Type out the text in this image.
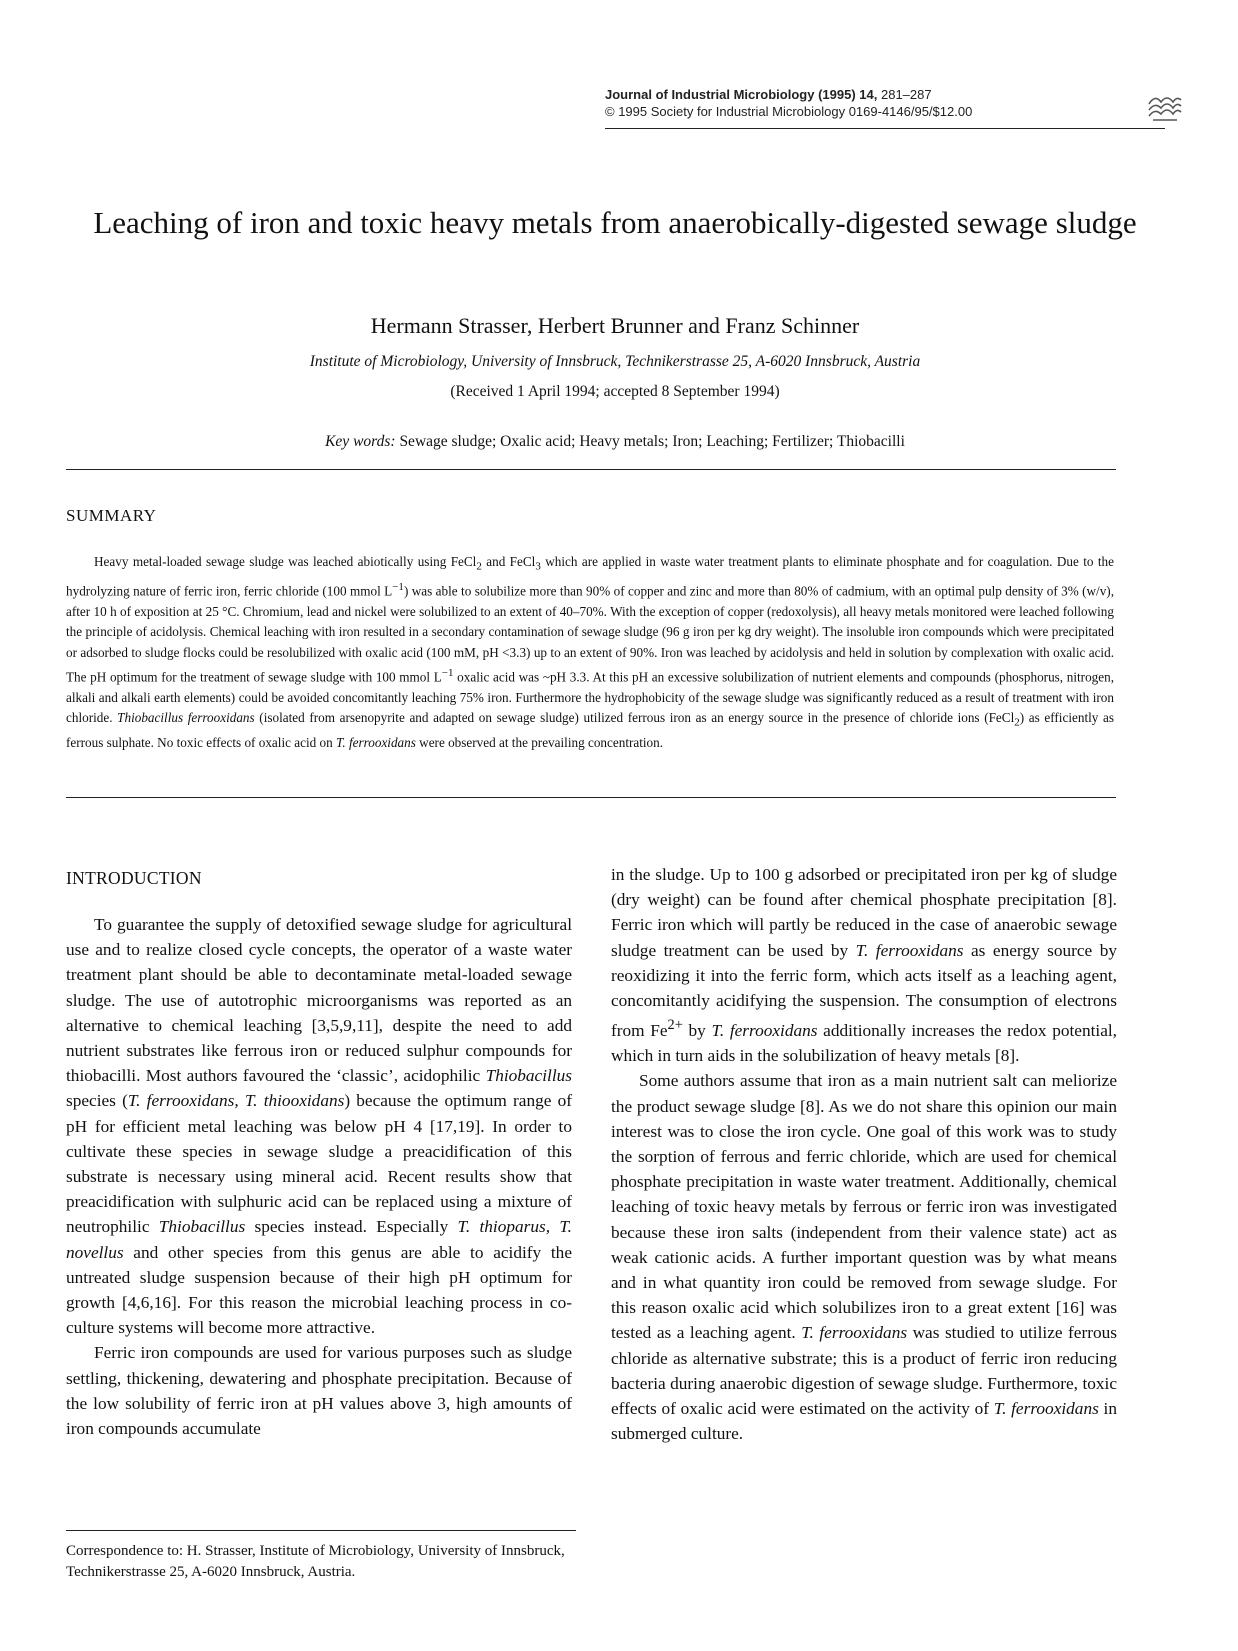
Journal of Industrial Microbiology (1995) 14, 281–287
© 1995 Society for Industrial Microbiology 0169-4146/95/$12.00
Leaching of iron and toxic heavy metals from anaerobically-digested sewage sludge
Hermann Strasser, Herbert Brunner and Franz Schinner
Institute of Microbiology, University of Innsbruck, Technikerstrasse 25, A-6020 Innsbruck, Austria
(Received 1 April 1994; accepted 8 September 1994)
Key words: Sewage sludge; Oxalic acid; Heavy metals; Iron; Leaching; Fertilizer; Thiobacilli
SUMMARY

Heavy metal-loaded sewage sludge was leached abiotically using FeCl$_2$ and FeCl$_3$ which are applied in waste water treatment plants to eliminate phosphate and for coagulation. Due to the hydrolyzing nature of ferric iron, ferric chloride (100 mmol $L^{-1}$) was able to solubilize more than 90% of copper and zinc and more than 80% of cadmium, with an optimal pulp density of 3% (w/v), after 10 h of exposition at 25 °C. Chromium, lead and nickel were solubilized to an extent of 40–70%. With the exception of copper (redoxolysis), all heavy metals monitored were leached following the principle of acidolysis. Chemical leaching with iron resulted in a secondary contamination of sewage sludge (96 g iron per kg dry weight). The insoluble iron compounds which were precipitated or adsorbed to sludge flocks could be resolubilized with oxalic acid (100 mM, pH <3.3) up to an extent of 90%. Iron was leached by acidolysis and held in solution by complexation with oxalic acid. The pH optimum for the treatment of sewage sludge with 100 mmol $L^{-1}$ oxalic acid was ~pH 3.3. At this pH an excessive solubilization of nutrient elements and compounds (phosphorus, nitrogen, alkali and alkali earth elements) could be avoided concomitantly leaching 75% iron. Furthermore the hydrophobicity of the sewage sludge was significantly reduced as a result of treatment with iron chloride. Thiobacillus ferrooxidans (isolated from arsenopyrite and adapted on sewage sludge) utilized ferrous iron as an energy source in the presence of chloride ions (FeCl$_2$) as efficiently as ferrous sulphate. No toxic effects of oxalic acid on T. ferrooxidans were observed at the prevailing concentration.

INTRODUCTION

To guarantee the supply of detoxified sewage sludge for agricultural use and to realize closed cycle concepts, the operator of a waste water treatment plant should be able to decontaminate metal-loaded sewage sludge. The use of autotrophic microorganisms was reported as an alternative to chemical leaching [3,5,9,11], despite the need to add nutrient substrates like ferrous iron or reduced sulphur compounds for thiobacilli. Most authors favoured the ‘classic’, acidophilic Thiobacillus species (T. ferrooxidans, T. thiooxidans) because the optimum range of pH for efficient metal leaching was below pH 4 [17,19]. In order to cultivate these species in sewage sludge a preacidification of this substrate is necessary using mineral acid. Recent results show that preacidification with sulphuric acid can be replaced using a mixture of neutrophilic Thiobacillus species instead. Especially T. thioparus, T. novellus and other species from this genus are able to acidify the untreated sludge suspension because of their high pH optimum for growth [4,6,16]. For this reason the microbial leaching process in co-culture systems will become more attractive.

Ferric iron compounds are used for various purposes such as sludge settling, thickening, dewatering and phosphate precipitation. Because of the low solubility of ferric iron at pH values above 3, high amounts of iron compounds accumulate

in the sludge. Up to 100 g adsorbed or precipitated iron per kg of sludge (dry weight) can be found after chemical phosphate precipitation [8]. Ferric iron which will partly be reduced in the case of anaerobic sewage sludge treatment can be used by T. ferrooxidans as energy source by reoxidizing it into the ferric form, which acts itself as a leaching agent, concomitantly acidifying the suspension. The consumption of electrons from $Fe^{2+}$ by T. ferrooxidans additionally increases the redox potential, which in turn aids in the solubilization of heavy metals [8].

Some authors assume that iron as a main nutrient salt can meliorize the product sewage sludge [8]. As we do not share this opinion our main interest was to close the iron cycle. One goal of this work was to study the sorption of ferrous and ferric chloride, which are used for chemical phosphate precipitation in waste water treatment. Additionally, chemical leaching of toxic heavy metals by ferrous or ferric iron was investigated because these iron salts (independent from their valence state) act as weak cationic acids. A further important question was by what means and in what quantity iron could be removed from sewage sludge. For this reason oxalic acid which solubilizes iron to a great extent [16] was tested as a leaching agent. T. ferrooxidans was studied to utilize ferrous chloride as alternative substrate; this is a product of ferric iron reducing bacteria during anaerobic digestion of sewage sludge. Furthermore, toxic effects of oxalic acid were estimated on the activity of T. ferrooxidans in submerged culture.

Correspondence to: H. Strasser, Institute of Microbiology, University of Innsbruck, Technikerstrasse 25, A-6020 Innsbruck, Austria.
